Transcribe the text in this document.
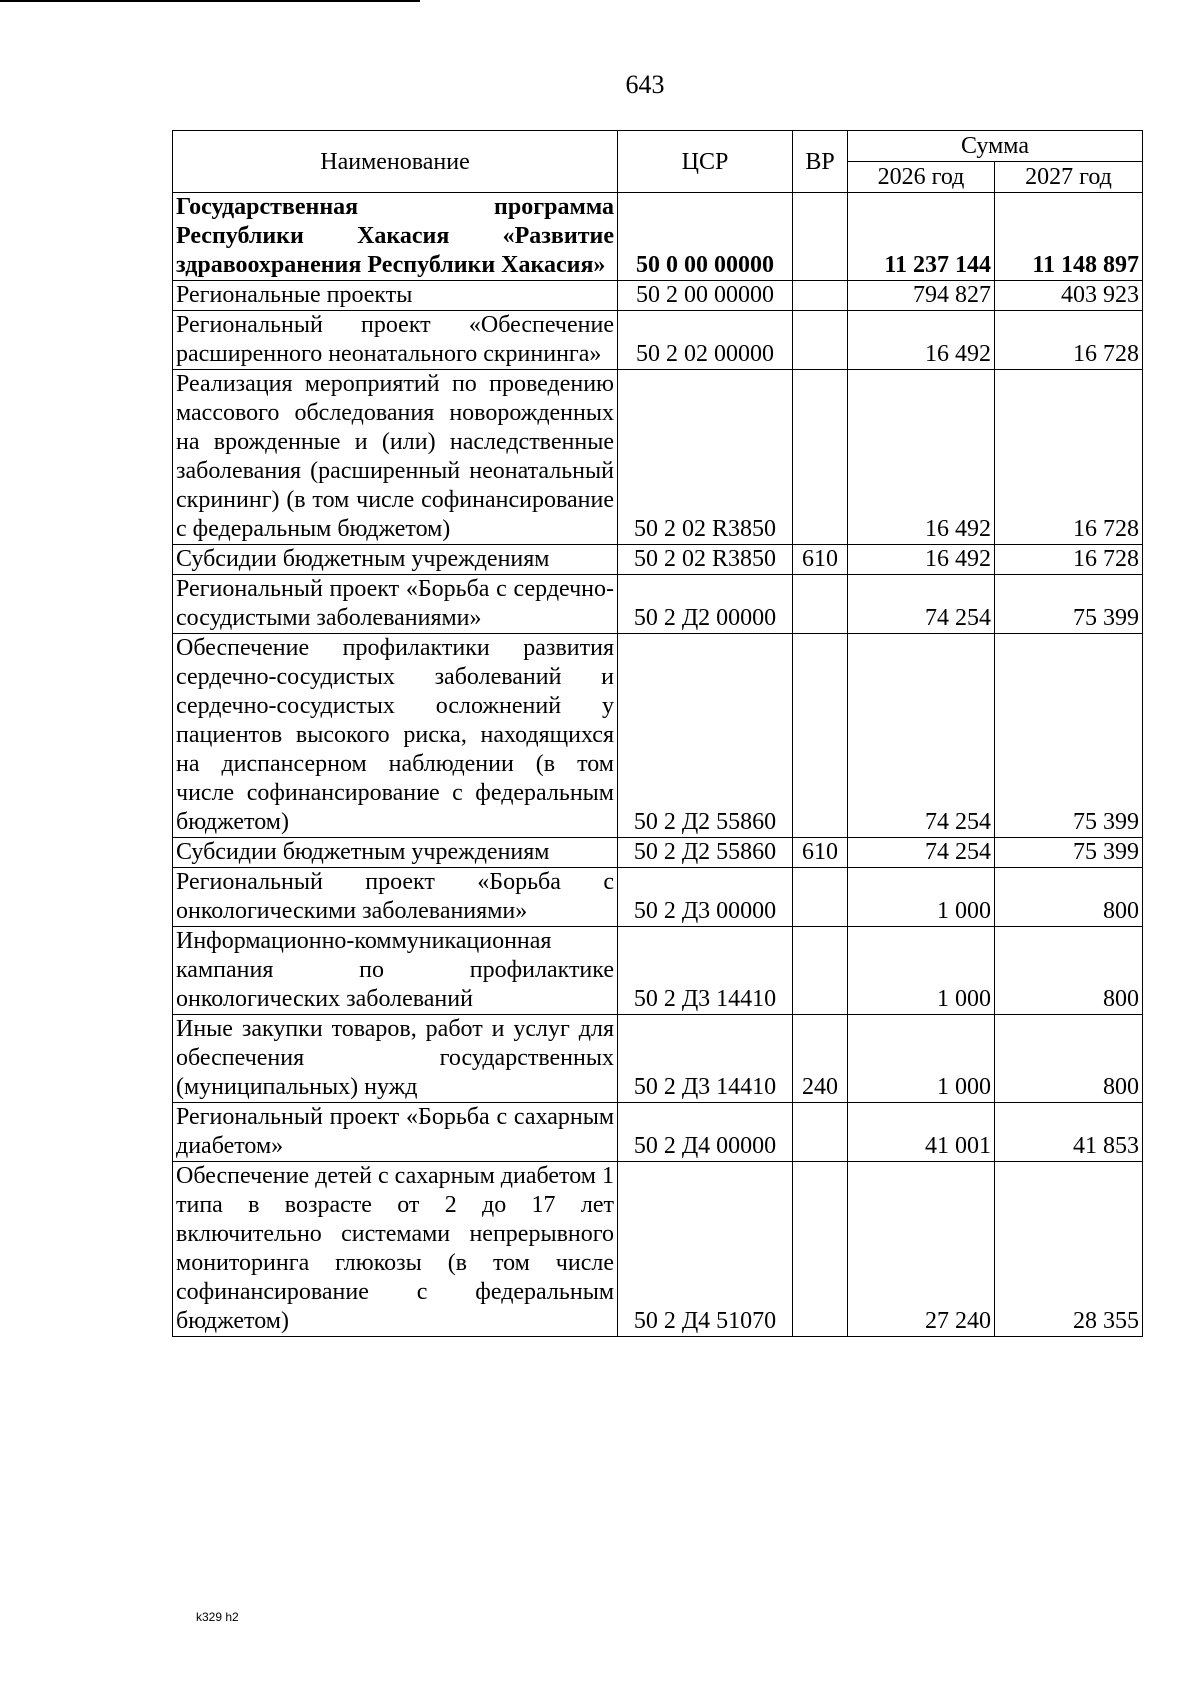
643
Наименование	ЦСР	ВР	Сумма	
			2026 год	2027 год
Государственная программа Республики Хакасия «Развитие здравоохранения Республики Хакасия»	50 0 00 00000		11 237 144	11 148 897
Региональные проекты	50 2 00 00000		794 827	403 923
Региональный проект «Обеспечение расширенного неонатального скрининга»	50 2 02 00000		16 492	16 728
Реализация мероприятий по проведению массового обследования новорожденных на врожденные и (или) наследственные заболевания (расширенный неонатальный скрининг) (в том числе софинансирование с федеральным бюджетом)	50 2 02 R3850		16 492	16 728
Субсидии бюджетным учреждениям	50 2 02 R3850	610	16 492	16 728
Региональный проект «Борьба с сердечно-сосудистыми заболеваниями»	50 2 Д2 00000		74 254	75 399
Обеспечение профилактики развития сердечно-сосудистых заболеваний и сердечно-сосудистых осложнений у пациентов высокого риска, находящихся на диспансерном наблюдении (в том числе софинансирование с федеральным бюджетом)	50 2 Д2 55860		74 254	75 399
Субсидии бюджетным учреждениям	50 2 Д2 55860	610	74 254	75 399
Региональный проект «Борьба с онкологическими заболеваниями»	50 2 Д3 00000		1 000	800
Информационно-коммуникационная кампания по профилактике онкологических заболеваний	50 2 Д3 14410		1 000	800
Иные закупки товаров, работ и услуг для обеспечения государственных (муниципальных) нужд	50 2 Д3 14410	240	1 000	800
Региональный проект «Борьба с сахарным диабетом»	50 2 Д4 00000		41 001	41 853
Обеспечение детей с сахарным диабетом 1 типа в возрасте от 2 до 17 лет включительно системами непрерывного мониторинга глюкозы (в том числе софинансирование с федеральным бюджетом)	50 2 Д4 51070		27 240	28 355
k329 h2
